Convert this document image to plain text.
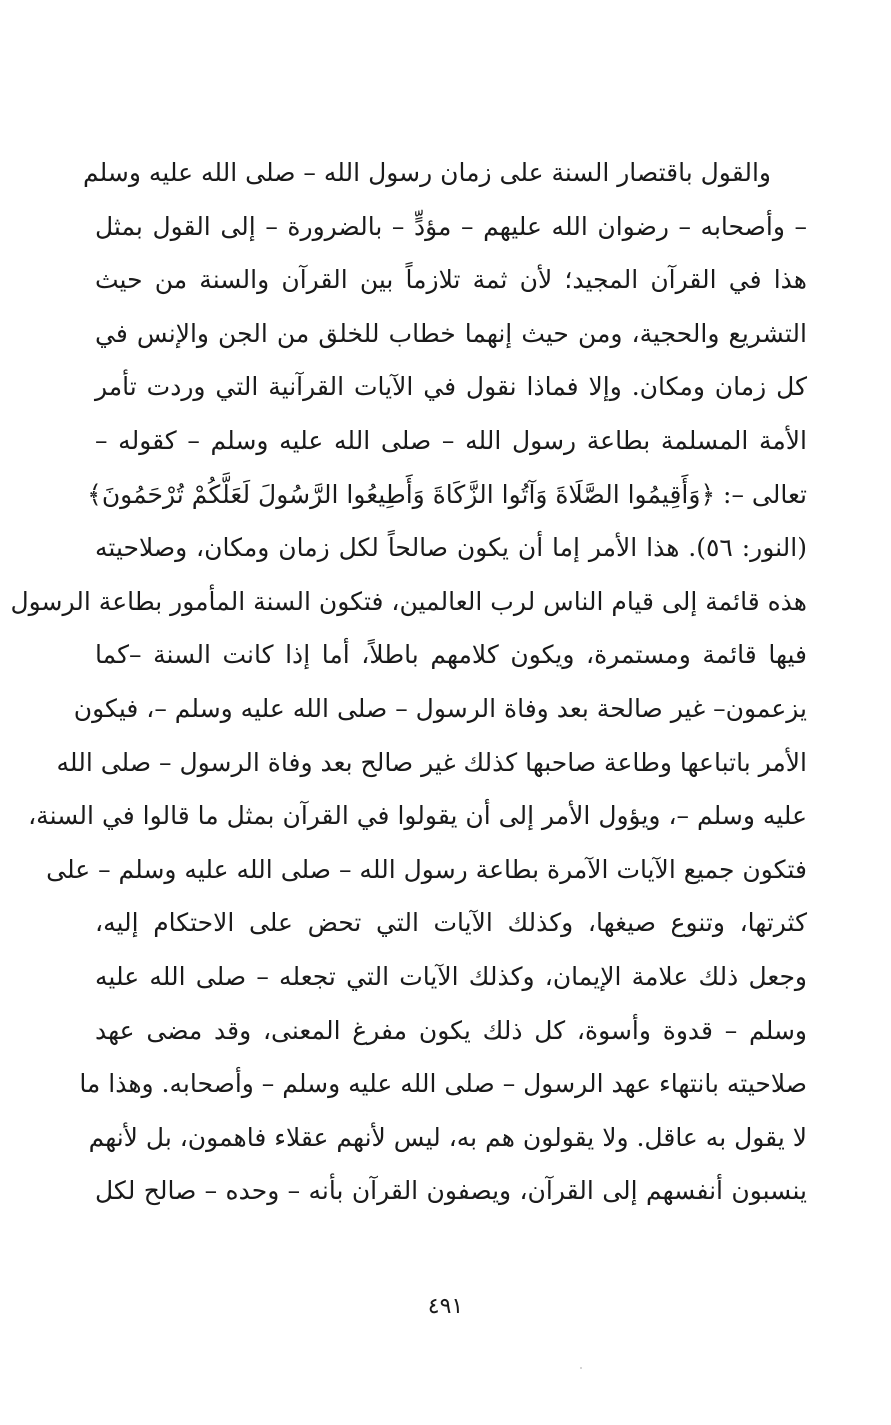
والقول باقتصار السنة على زمان رسول الله – صلى الله عليه وسلم
– وأصحابه – رضوان الله عليهم – مؤدٍّ – بالضرورة – إلى القول بمثل
هذا في القرآن المجيد؛ لأن ثمة تلازماً بين القرآن والسنة من حيث
التشريع والحجية، ومن حيث إنهما خطاب للخلق من الجن والإنس في
كل زمان ومكان. وإلا فماذا نقول في الآيات القرآنية التي وردت تأمر
الأمة المسلمة بطاعة رسول الله – صلى الله عليه وسلم – كقوله –
تعالى –: ﴿وَأَقِيمُوا الصَّلَاةَ وَآتُوا الزَّكَاةَ وَأَطِيعُوا الرَّسُولَ لَعَلَّكُمْ تُرْحَمُونَ﴾
(النور: ٥٦). هذا الأمر إما أن يكون صالحاً لكل زمان ومكان، وصلاحيته
هذه قائمة إلى قيام الناس لرب العالمين، فتكون السنة المأمور بطاعة الرسول
فيها قائمة ومستمرة، ويكون كلامهم باطلاً، أما إذا كانت السنة –كما
يزعمون– غير صالحة بعد وفاة الرسول – صلى الله عليه وسلم –، فيكون
الأمر باتباعها وطاعة صاحبها كذلك غير صالح بعد وفاة الرسول – صلى الله
عليه وسلم –، ويؤول الأمر إلى أن يقولوا في القرآن بمثل ما قالوا في السنة،
فتكون جميع الآيات الآمرة بطاعة رسول الله – صلى الله عليه وسلم – على
كثرتها، وتنوع صيغها، وكذلك الآيات التي تحض على الاحتكام إليه،
وجعل ذلك علامة الإيمان، وكذلك الآيات التي تجعله – صلى الله عليه
وسلم – قدوة وأسوة، كل ذلك يكون مفرغ المعنى، وقد مضى عهد
صلاحيته بانتهاء عهد الرسول – صلى الله عليه وسلم – وأصحابه. وهذا ما
لا يقول به عاقل. ولا يقولون هم به، ليس لأنهم عقلاء فاهمون، بل لأنهم
ينسبون أنفسهم إلى القرآن، ويصفون القرآن بأنه – وحده – صالح لكل
٤٩١
